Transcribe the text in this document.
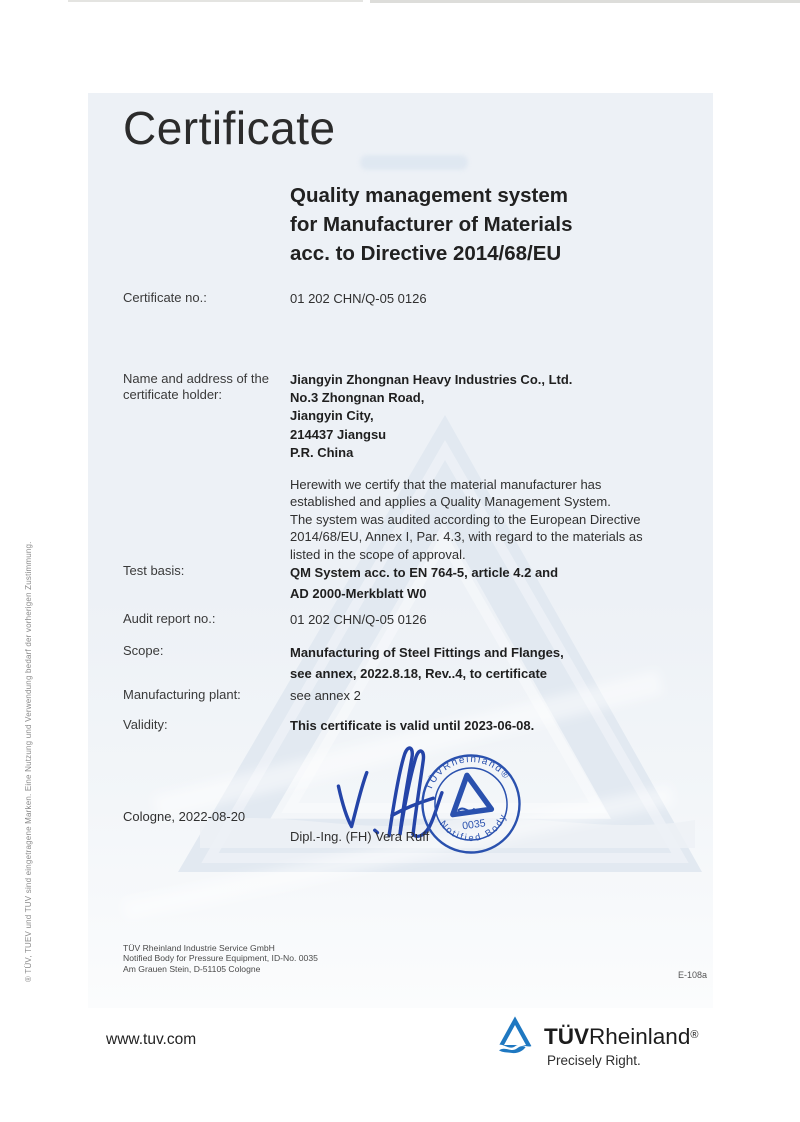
® TÜV, TUEV und TUV sind eingetragene Marken. Eine Nutzung und Verwendung bedarf der vorherigen Zustimmung.
Certificate
Quality management system
for Manufacturer of Materials
acc. to Directive 2014/68/EU
Certificate no.:	01 202 CHN/Q-05 0126
Name and address of the
certificate holder:
Jiangyin Zhongnan Heavy Industries Co., Ltd.
No.3 Zhongnan Road,
Jiangyin City,
214437 Jiangsu
P.R. China
Herewith we certify that the material manufacturer has
established and applies a Quality Management System.
The system was audited according to the European Directive
2014/68/EU, Annex I, Par. 4.3, with regard to the materials as
listed in the scope of approval.
Test basis:	QM System acc. to EN 764-5, article 4.2 and
AD 2000-Merkblatt W0
Audit report no.:	01 202 CHN/Q-05 0126
Scope:	Manufacturing of Steel Fittings and Flanges,
see annex, 2022.8.18, Rev..4, to certificate
Manufacturing plant:	see annex 2
Validity:	This certificate is valid until 2023-06-08.
Cologne, 2022-08-20
TÜVRheinland®
Notified Body
0035
Dipl.-Ing. (FH) Vera Ruff
TÜV Rheinland Industrie Service GmbH
Notified Body for Pressure Equipment, ID-No. 0035
Am Grauen Stein, D-51105 Cologne
E-108a
www.tuv.com	TÜVRheinland®
Precisely Right.
